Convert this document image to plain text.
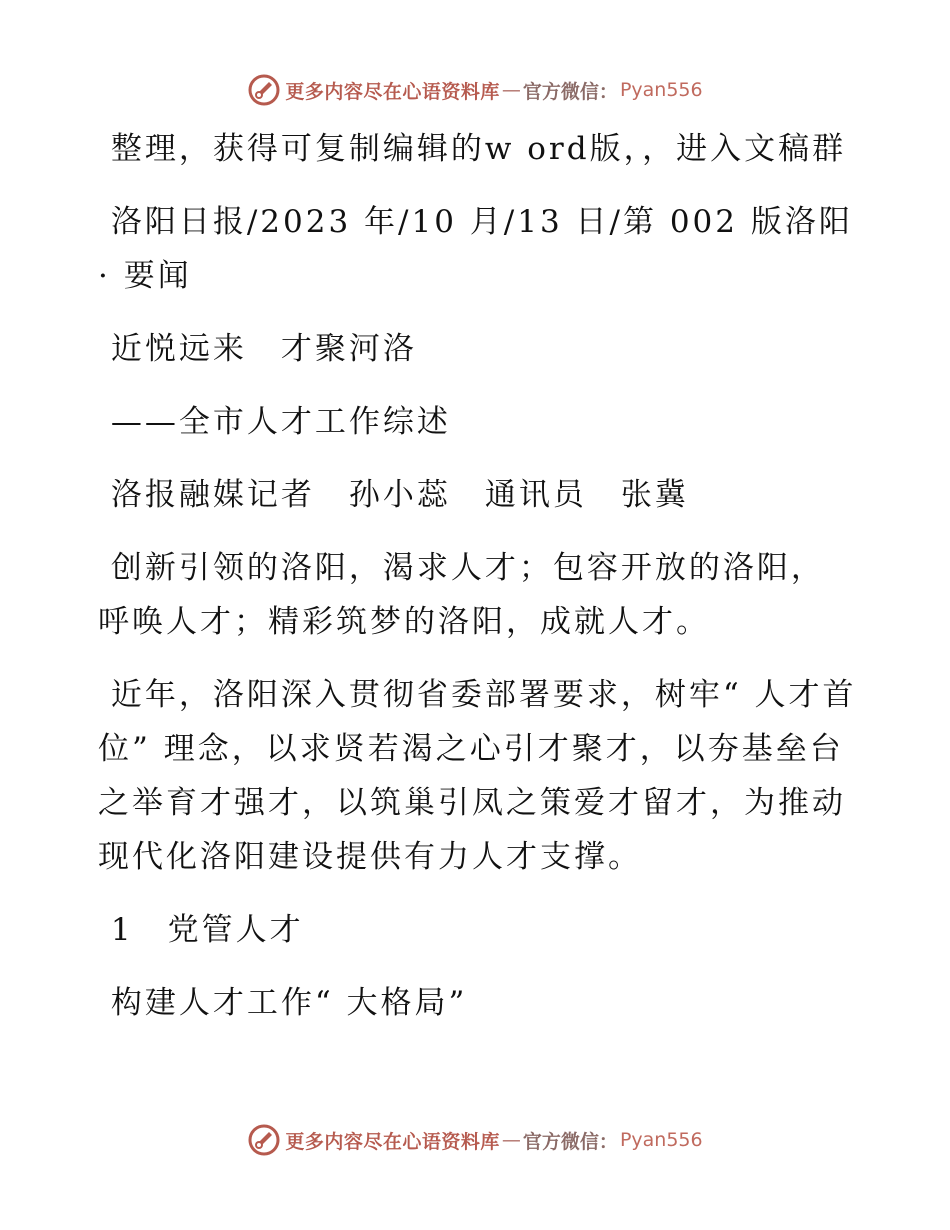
更多内容尽在心语资料库 — 官方微信： Pyan556

整理，获得可复制编辑的w ord版，，进入文稿群

洛阳日报/2023 年/10 月/13 日/第 002 版洛阳 · 要闻

近悦远来　才聚河洛

——全市人才工作综述

洛报融媒记者　孙小蕊　通讯员　张冀

创新引领的洛阳，渴求人才；包容开放的洛阳，呼唤人才；精彩筑梦的洛阳，成就人才。

近年，洛阳深入贯彻省委部署要求，树牢“ 人才首位” 理念，以求贤若渴之心引才聚才，以夯基垒台之举育才强才，以筑巢引凤之策爱才留才，为推动现代化洛阳建设提供有力人才支撑。

1　党管人才

构建人才工作“ 大格局”

更多内容尽在心语资料库 — 官方微信： Pyan556
